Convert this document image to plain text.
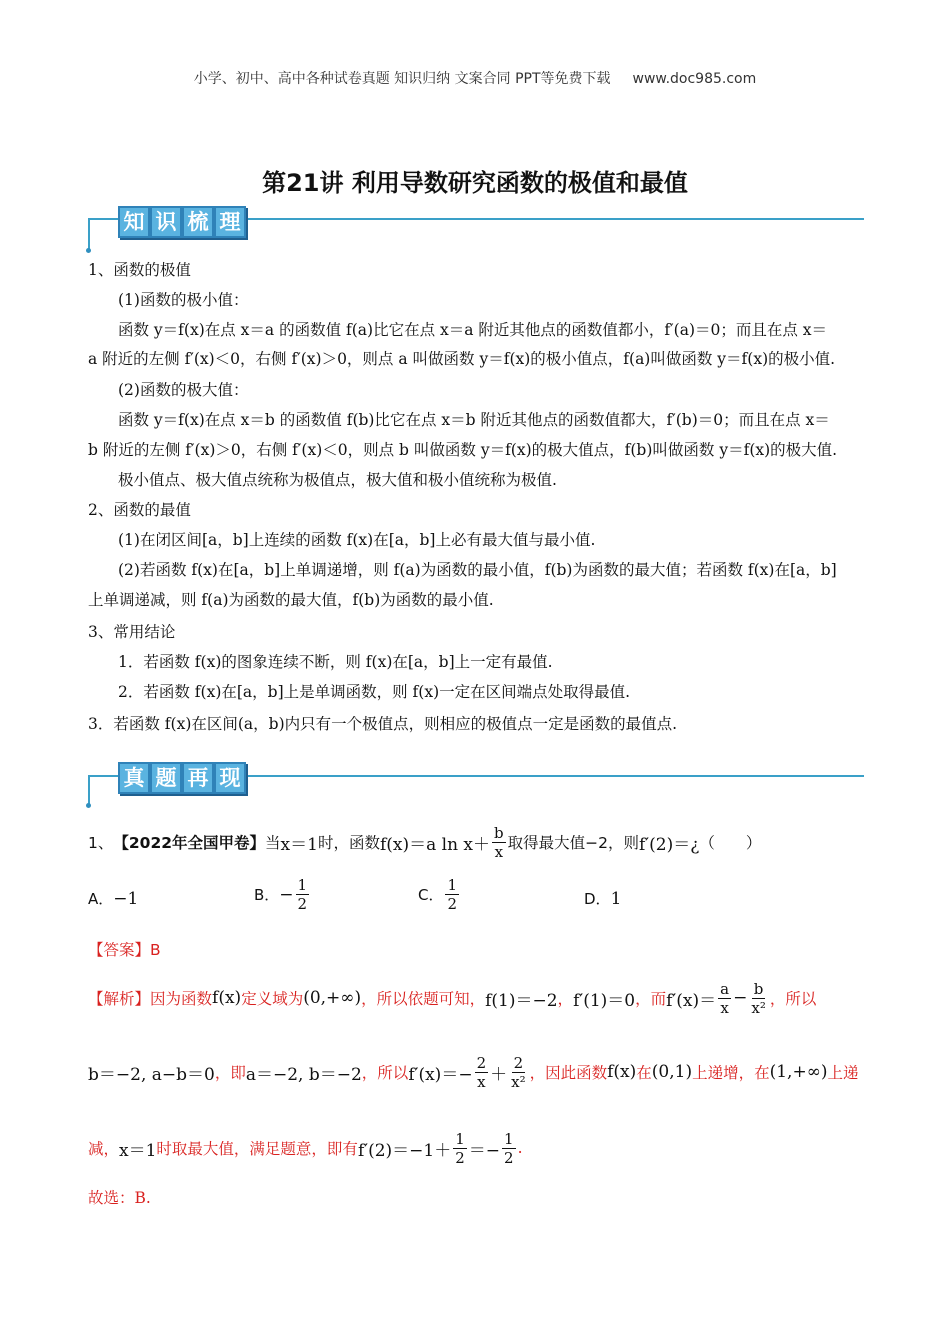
小学、初中、高中各种试卷真题 知识归纳 文案合同 PPT等免费下载 www.doc985.com
第21讲 利用导数研究函数的极值和最值
知 识 梳 理
1、函数的极值
(1)函数的极小值：
函数 y＝f(x)在点 x＝a 的函数值 f(a)比它在点 x＝a 附近其他点的函数值都小，f′(a)＝0；而且在点 x＝
a 附近的左侧 f′(x)＜0，右侧 f′(x)＞0，则点 a 叫做函数 y＝f(x)的极小值点，f(a)叫做函数 y＝f(x)的极小值.
(2)函数的极大值：
函数 y＝f(x)在点 x＝b 的函数值 f(b)比它在点 x＝b 附近其他点的函数值都大，f′(b)＝0；而且在点 x＝
b 附近的左侧 f′(x)＞0，右侧 f′(x)＜0，则点 b 叫做函数 y＝f(x)的极大值点，f(b)叫做函数 y＝f(x)的极大值.
极小值点、极大值点统称为极值点，极大值和极小值统称为极值.
2、函数的最值
(1)在闭区间[a，b]上连续的函数 f(x)在[a，b]上必有最大值与最小值.
(2)若函数 f(x)在[a，b]上单调递增，则 f(a)为函数的最小值，f(b)为函数的最大值；若函数 f(x)在[a，b]
上单调递减，则 f(a)为函数的最大值，f(b)为函数的最小值.
3、常用结论
1．若函数 f(x)的图象连续不断，则 f(x)在[a，b]上一定有最值.
2．若函数 f(x)在[a，b]上是单调函数，则 f(x)一定在区间端点处取得最值.
3．若函数 f(x)在区间(a，b)内只有一个极值点，则相应的极值点一定是函数的最值点.
真 题 再 现
1、 【2022年全国甲卷】 当 x＝1 时，函数 f(x)＝a $\ln x+ \frac{b}{x}$ 取得最大值−2，则 f′(2)＝¿ （　　）
A．−1	B． − $\frac{1}{2}$	C． $\frac{1}{2}$	D．1
【答案】B
【解析】 因为函数 f(x) 定义域为 (0,+∞) ，所以依题可知， f(1)＝−2 ， f′(1)＝0 ，而 $f'(x)= \frac{a}{x} - \frac{b}{\text{x²}}$ ，所以
b＝−2, a−b＝0 ，即 a＝−2, b＝−2 ，所以 $f'(x)=- \frac{2}{x} + \frac{2}{\text{x²}}$ ，因此函数 f(x) 在 (0,1) 上递增，在 (1,+∞) 上递
减， x＝1 时取最大值，满足题意，即有 $f'(2)=-1+ \frac{1}{2} =- \frac{1}{2}$ .
故选：B.
